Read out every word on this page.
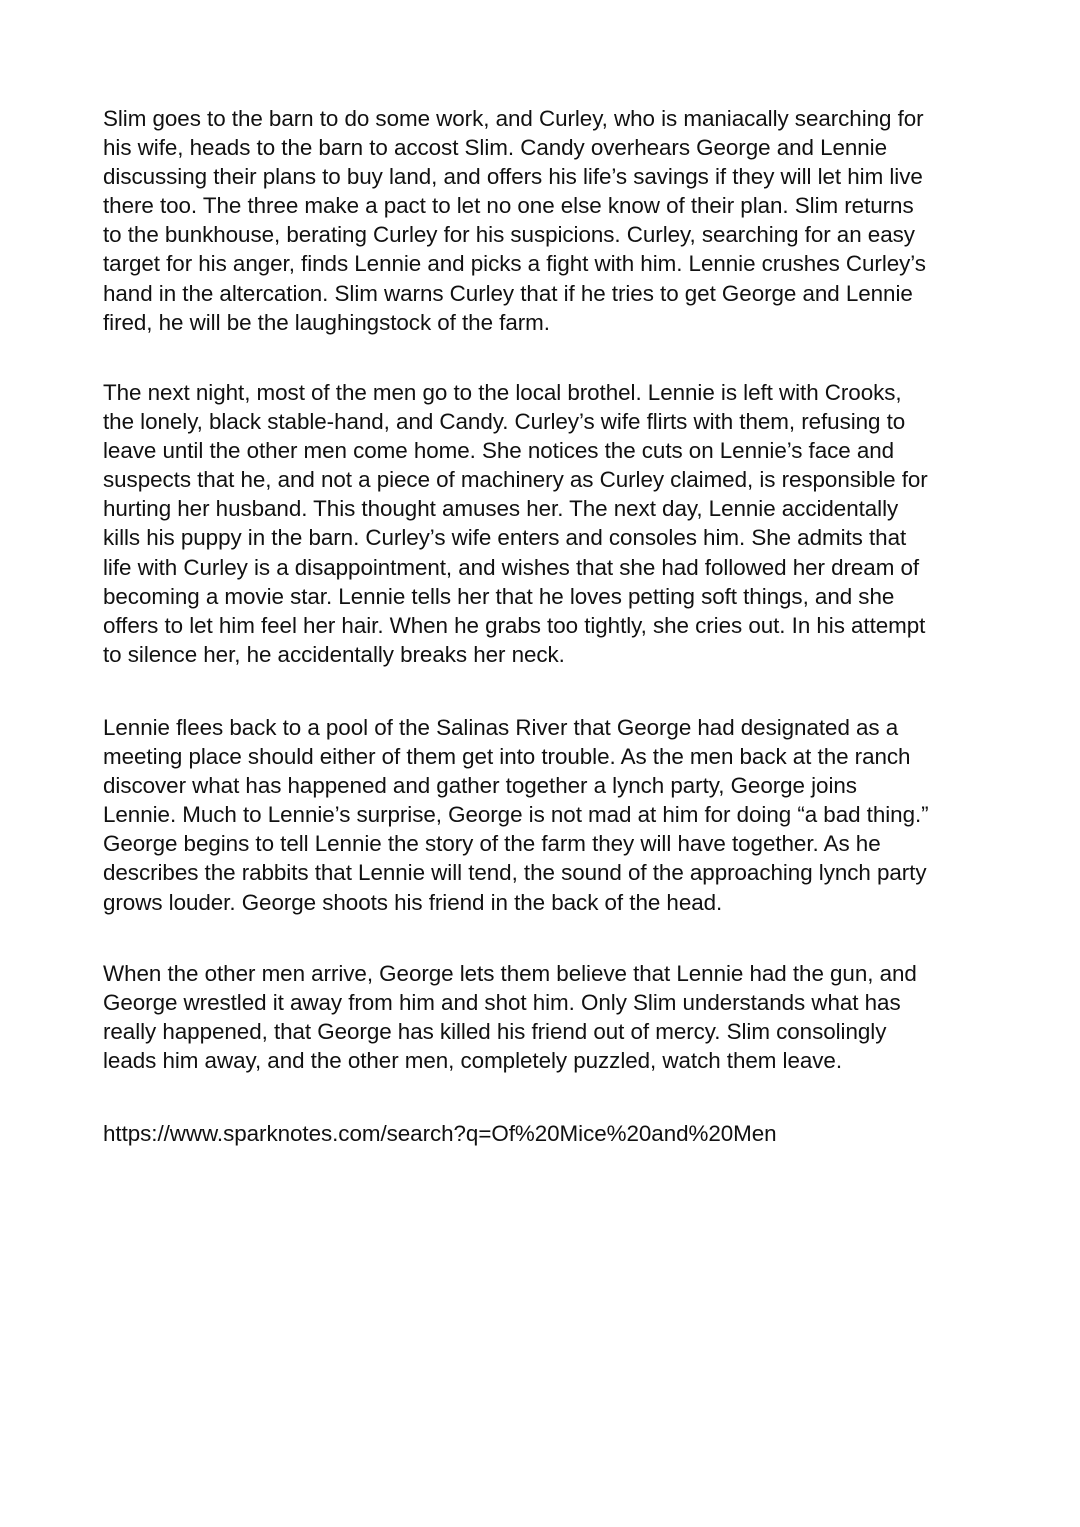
Slim goes to the barn to do some work, and Curley, who is maniacally searching for
his wife, heads to the barn to accost Slim. Candy overhears George and Lennie
discussing their plans to buy land, and offers his life’s savings if they will let him live
there too. The three make a pact to let no one else know of their plan. Slim returns
to the bunkhouse, berating Curley for his suspicions. Curley, searching for an easy
target for his anger, finds Lennie and picks a fight with him. Lennie crushes Curley’s
hand in the altercation. Slim warns Curley that if he tries to get George and Lennie
fired, he will be the laughingstock of the farm.

The next night, most of the men go to the local brothel. Lennie is left with Crooks,
the lonely, black stable-hand, and Candy. Curley’s wife flirts with them, refusing to
leave until the other men come home. She notices the cuts on Lennie’s face and
suspects that he, and not a piece of machinery as Curley claimed, is responsible for
hurting her husband. This thought amuses her. The next day, Lennie accidentally
kills his puppy in the barn. Curley’s wife enters and consoles him. She admits that
life with Curley is a disappointment, and wishes that she had followed her dream of
becoming a movie star. Lennie tells her that he loves petting soft things, and she
offers to let him feel her hair. When he grabs too tightly, she cries out. In his attempt
to silence her, he accidentally breaks her neck.

Lennie flees back to a pool of the Salinas River that George had designated as a
meeting place should either of them get into trouble. As the men back at the ranch
discover what has happened and gather together a lynch party, George joins
Lennie. Much to Lennie’s surprise, George is not mad at him for doing “a bad thing.”
George begins to tell Lennie the story of the farm they will have together. As he
describes the rabbits that Lennie will tend, the sound of the approaching lynch party
grows louder. George shoots his friend in the back of the head.

When the other men arrive, George lets them believe that Lennie had the gun, and
George wrestled it away from him and shot him. Only Slim understands what has
really happened, that George has killed his friend out of mercy. Slim consolingly
leads him away, and the other men, completely puzzled, watch them leave.

https://www.sparknotes.com/search?q=Of%20Mice%20and%20Men
